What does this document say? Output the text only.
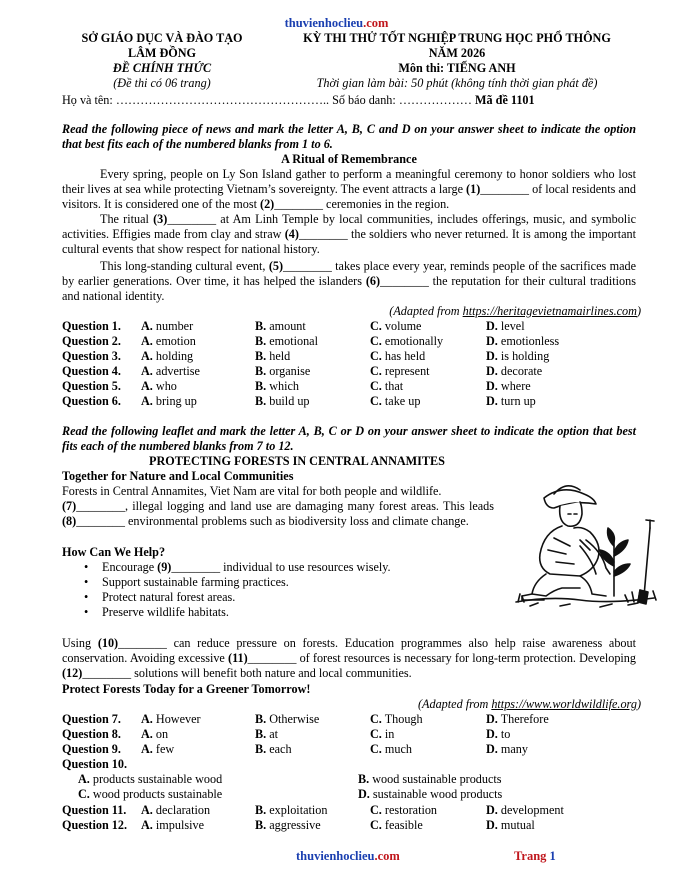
thuvienhoclieu.com
SỞ GIÁO DỤC VÀ ĐÀO TẠO
LÂM ĐỒNG
ĐỀ CHÍNH THỨC
(Đề thi có 06 trang)
KỲ THI THỬ TỐT NGHIỆP TRUNG HỌC PHỔ THÔNG
NĂM 2026
Môn thi: TIẾNG ANH
Thời gian làm bài: 50 phút (không tính thời gian phát đề)
Họ và tên: …………………………………………….. Số báo danh: ……………… Mã đề 1101
Read the following piece of news and mark the letter A, B, C and D on your answer sheet to indicate the option that best fits each of the numbered blanks from 1 to 6.
A Ritual of Remembrance
Every spring, people on Ly Son Island gather to perform a meaningful ceremony to honor soldiers who lost their lives at sea while protecting Vietnam’s sovereignty. The event attracts a large (1)________ of local residents and visitors. It is considered one of the most (2)________ ceremonies in the region.
The ritual (3)________ at Am Linh Temple by local communities, includes offerings, music, and symbolic activities. Effigies made from clay and straw (4)________ the soldiers who never returned. It is among the important cultural events that show respect for national history.
This long-standing cultural event, (5)________ takes place every year, reminds people of the sacrifices made by earlier generations. Over time, it has helped the islanders (6)________ the reputation for their cultural traditions and national identity.
(Adapted from https://heritagevietnamairlines.com)
Question 1. A. number	B. amount	C. volume	D. level
Question 2. A. emotion	B. emotional	C. emotionally	D. emotionless
Question 3. A. holding	B. held	C. has held	D. is holding
Question 4. A. advertise	B. organise	C. represent	D. decorate
Question 5. A. who	B. which	C. that	D. where
Question 6. A. bring up	B. build up	C. take up	D. turn up
Read the following leaflet and mark the letter A, B, C or D on your answer sheet to indicate the option that best fits each of the numbered blanks from 7 to 12.
PROTECTING FORESTS IN CENTRAL ANNAMITES
Together for Nature and Local Communities
Forests in Central Annamites, Viet Nam are vital for both people and wildlife.
(7)________, illegal logging and land use are damaging many forest areas. This leads (8)________ environmental problems such as biodiversity loss and climate change.
How Can We Help?
• Encourage (9)________ individual to use resources wisely.
• Support sustainable farming practices.
• Protect natural forest areas.
• Preserve wildlife habitats.
Using (10)________ can reduce pressure on forests. Education programmes also help raise awareness about conservation. Avoiding excessive (11)________ of forest resources is necessary for long-term protection. Developing (12)________ solutions will benefit both nature and local communities.
Protect Forests Today for a Greener Tomorrow!
(Adapted from https://www.worldwildlife.org)
Question 7. A. However	B. Otherwise	C. Though	D. Therefore
Question 8. A. on	B. at	C. in	D. to
Question 9. A. few	B. each	C. much	D. many
Question 10.
A. products sustainable wood	B. wood sustainable products
C. wood products sustainable	D. sustainable wood products
Question 11. A. declaration	B. exploitation	C. restoration	D. development
Question 12. A. impulsive	B. aggressive	C. feasible	D. mutual
thuvienhoclieu.com	Trang 1
